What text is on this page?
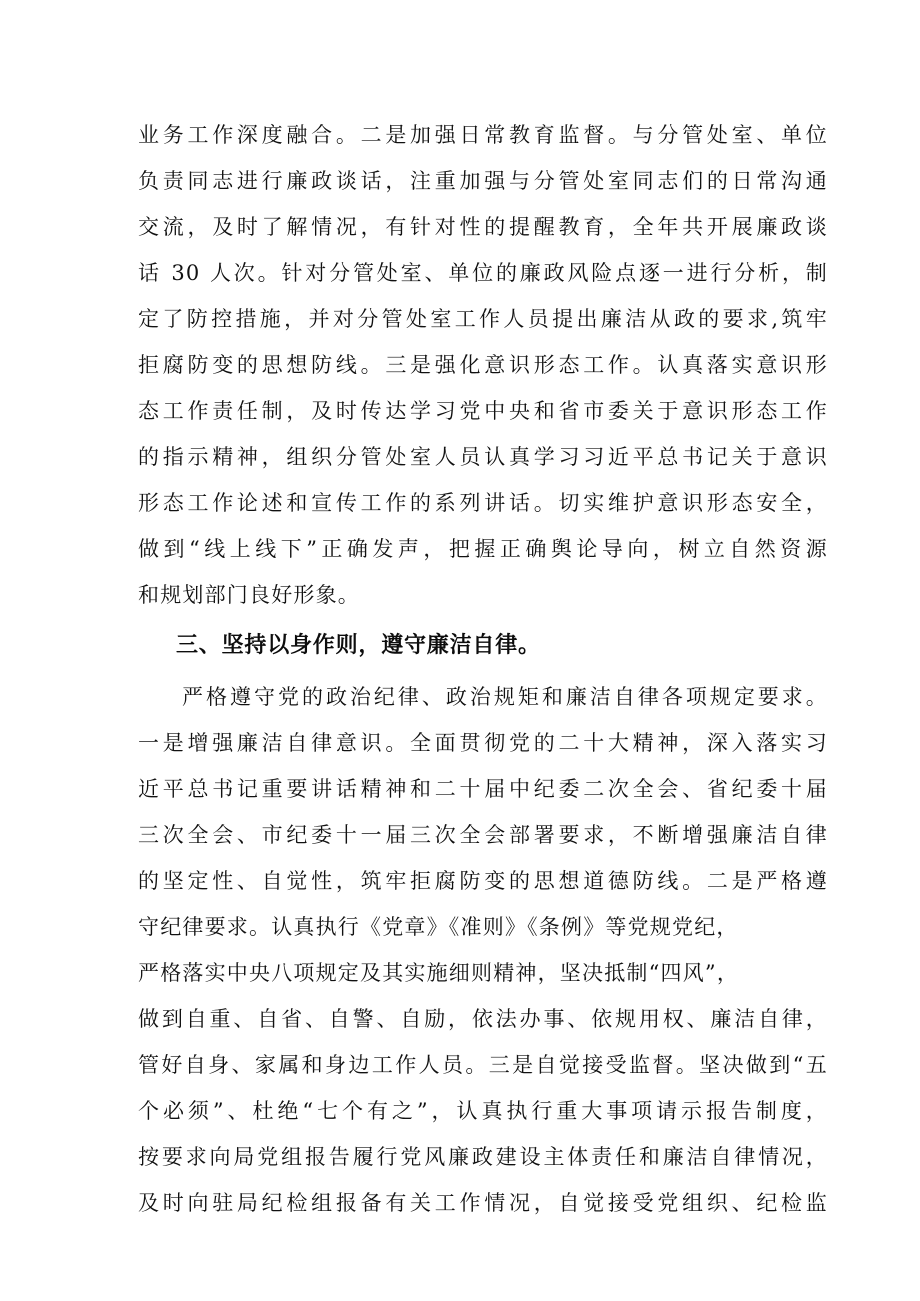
业务工作深度融合。二是加强日常教育监督。与分管处室、单位
负责同志进行廉政谈话，注重加强与分管处室同志们的日常沟通
交流，及时了解情况，有针对性的提醒教育，全年共开展廉政谈
话 30 人次。针对分管处室、单位的廉政风险点逐一进行分析，制
定了防控措施，并对分管处室工作人员提出廉洁从政的要求,筑牢
拒腐防变的思想防线。三是强化意识形态工作。认真落实意识形
态工作责任制，及时传达学习党中央和省市委关于意识形态工作
的指示精神，组织分管处室人员认真学习习近平总书记关于意识
形态工作论述和宣传工作的系列讲话。切实维护意识形态安全，
做到“线上线下”正确发声，把握正确舆论导向，树立自然资源
和规划部门良好形象。
三、坚持以身作则，遵守廉洁自律。
严格遵守党的政治纪律、政治规矩和廉洁自律各项规定要求。
一是增强廉洁自律意识。全面贯彻党的二十大精神，深入落实习
近平总书记重要讲话精神和二十届中纪委二次全会、省纪委十届
三次全会、市纪委十一届三次全会部署要求，不断增强廉洁自律
的坚定性、自觉性，筑牢拒腐防变的思想道德防线。二是严格遵
守纪律要求。认真执行《党章》《准则》《条例》等党规党纪，
严格落实中央八项规定及其实施细则精神，坚决抵制“四风”，
做到自重、自省、自警、自励，依法办事、依规用权、廉洁自律，
管好自身、家属和身边工作人员。三是自觉接受监督。坚决做到“五
个必须”、杜绝“七个有之”，认真执行重大事项请示报告制度，
按要求向局党组报告履行党风廉政建设主体责任和廉洁自律情况，
及时向驻局纪检组报备有关工作情况，自觉接受党组织、纪检监
